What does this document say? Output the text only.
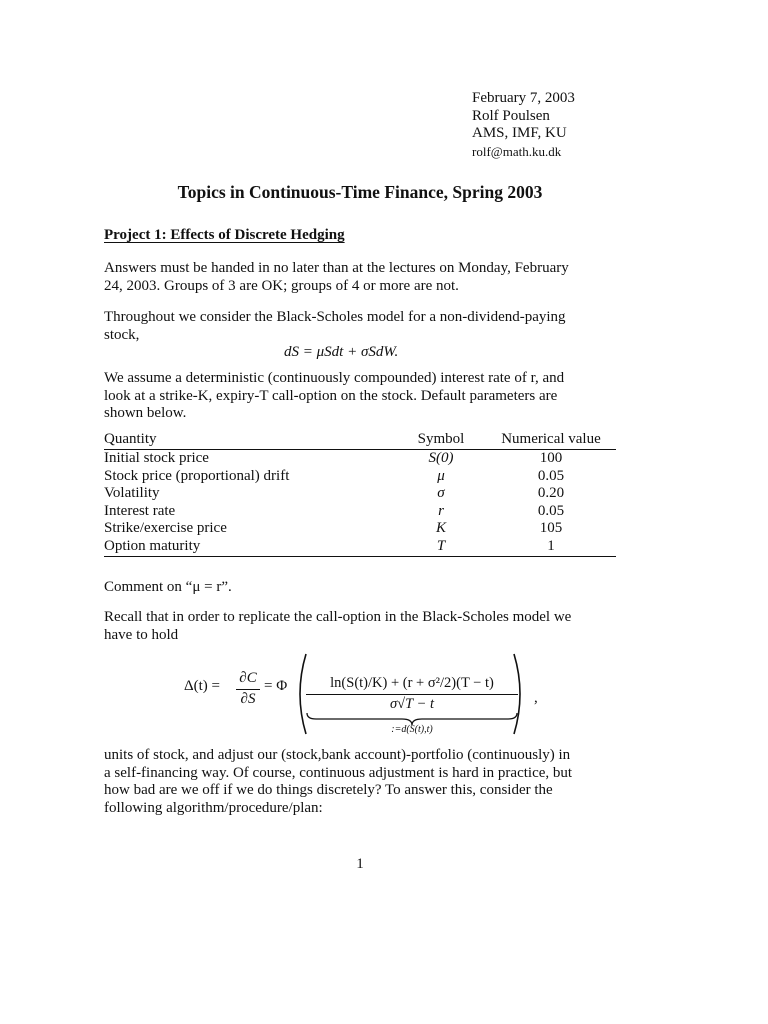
February 7, 2003
Rolf Poulsen
AMS, IMF, KU
rolf@math.ku.dk
Topics in Continuous-Time Finance, Spring 2003
Project 1: Effects of Discrete Hedging
Answers must be handed in no later than at the lectures on Monday, February
24, 2003. Groups of 3 are OK; groups of 4 or more are not.
Throughout we consider the Black-Scholes model for a non-dividend-paying
stock,
dS = μSdt + σSdW.
We assume a deterministic (continuously compounded) interest rate of r, and
look at a strike-K, expiry-T call-option on the stock. Default parameters are
shown below.
Quantity	Symbol	Numerical value
Initial stock price	S(0)	100
Stock price (proportional) drift	μ	0.05
Volatility	σ	0.20
Interest rate	r	0.05
Strike/exercise price	K	105
Option maturity	T	1
Comment on “μ = r”.
Recall that in order to replicate the call-option in the Black-Scholes model we
have to hold
Δ(t) = ∂C
∂S
= Φ	ln(S(t)/K) + (r + σ²/2)(T − t)
σ√T − t
:=d(S(t),t)
,
units of stock, and adjust our (stock,bank account)-portfolio (continuously) in
a self-financing way. Of course, continuous adjustment is hard in practice, but
how bad are we off if we do things discretely? To answer this, consider the
following algorithm/procedure/plan:
1
